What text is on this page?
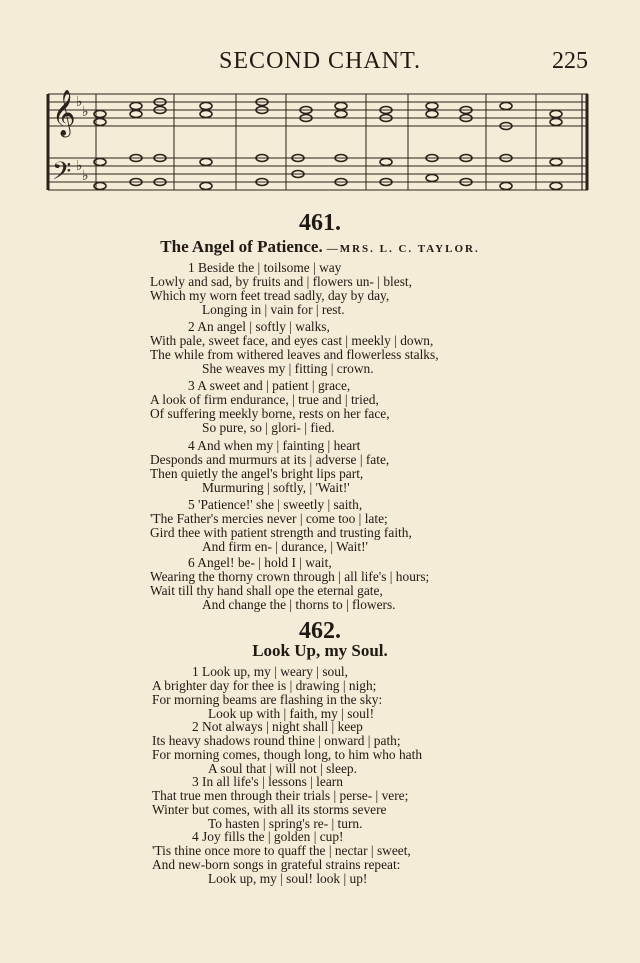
SECOND CHANT.	225
𝄞
𝄢
♭
♭
♭
♭
461.
The Angel of Patience. —MRS. L. C. TAYLOR.
1 Beside the | toilsome | way
Lowly and sad, by fruits and | flowers un- | blest,
Which my worn feet tread sadly, day by day,
Longing in | vain for | rest.
2 An angel | softly | walks,
With pale, sweet face, and eyes cast | meekly | down,
The while from withered leaves and flowerless stalks,
She weaves my | fitting | crown.
3 A sweet and | patient | grace,
A look of firm endurance, | true and | tried,
Of suffering meekly borne, rests on her face,
So pure, so | glori- | fied.
4 And when my | fainting | heart
Desponds and murmurs at its | adverse | fate,
Then quietly the angel's bright lips part,
Murmuring | softly, | 'Wait!'
5 'Patience!' she | sweetly | saith,
'The Father's mercies never | come too | late;
Gird thee with patient strength and trusting faith,
And firm en- | durance, | Wait!'
6 Angel! be- | hold I | wait,
Wearing the thorny crown through | all life's | hours;
Wait till thy hand shall ope the eternal gate,
And change the | thorns to | flowers.
462.
Look Up, my Soul.
1 Look up, my | weary | soul,
A brighter day for thee is | drawing | nigh;
For morning beams are flashing in the sky:
Look up with | faith, my | soul!
2 Not always | night shall | keep
Its heavy shadows round thine | onward | path;
For morning comes, though long, to him who hath
A soul that | will not | sleep.
3 In all life's | lessons | learn
That true men through their trials | perse- | vere;
Winter but comes, with all its storms severe
To hasten | spring's re- | turn.
4 Joy fills the | golden | cup!
'Tis thine once more to quaff the | nectar | sweet,
And new-born songs in grateful strains repeat:
Look up, my | soul! look | up!
